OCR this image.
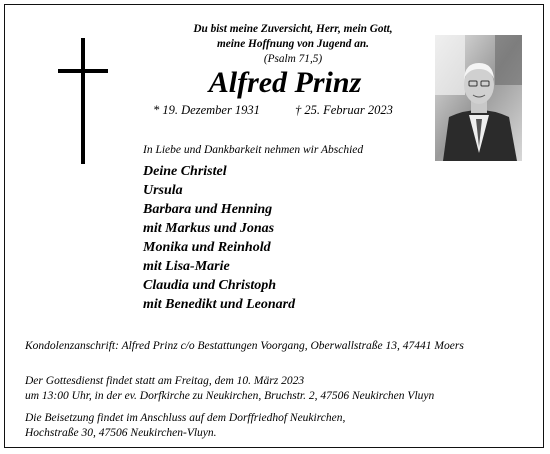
Du bist meine Zuversicht, Herr, mein Gott,
meine Hoffnung von Jugend an.
(Psalm 71,5)
Alfred Prinz
* 19. Dezember 1931	† 25. Februar 2023
In Liebe und Dankbarkeit nehmen wir Abschied
Deine Christel
Ursula
Barbara und Henning
mit Markus und Jonas
Monika und Reinhold
mit Lisa-Marie
Claudia und Christoph
mit Benedikt und Leonard
Kondolenzanschrift: Alfred Prinz c/o Bestattungen Voorgang, Oberwallstraße 13, 47441 Moers
Der Gottesdienst findet statt am Freitag, dem 10. März 2023
um 13:00 Uhr, in der ev. Dorfkirche zu Neukirchen, Bruchstr. 2, 47506 Neukirchen Vluyn
Die Beisetzung findet im Anschluss auf dem Dorffriedhof Neukirchen,
Hochstraße 30, 47506 Neukirchen-Vluyn.
